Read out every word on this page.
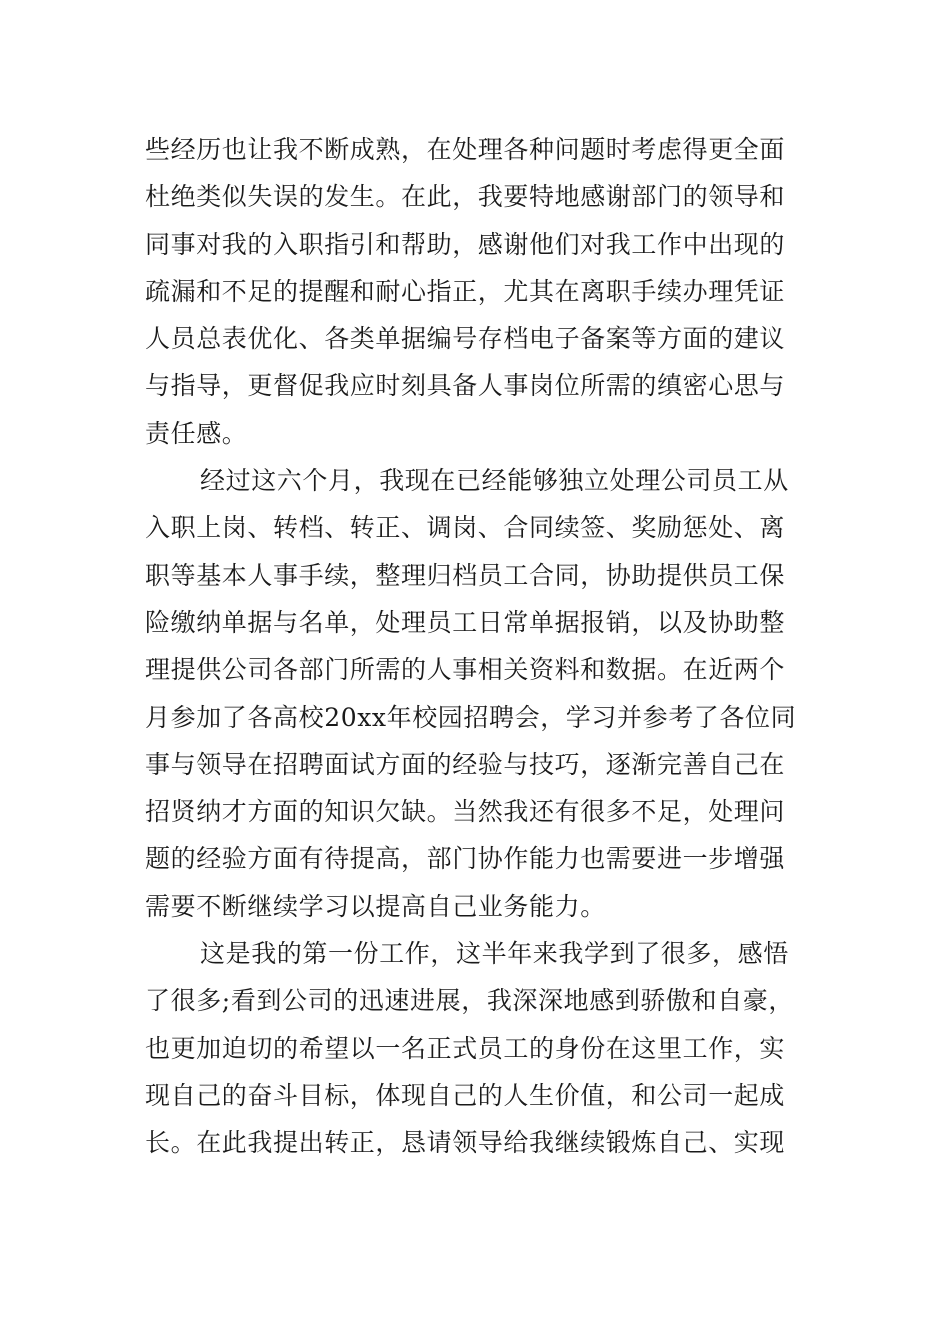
些经历也让我不断成熟，在处理各种问题时考虑得更全面
杜绝类似失误的发生。在此，我要特地感谢部门的领导和
同事对我的入职指引和帮助，感谢他们对我工作中出现的
疏漏和不足的提醒和耐心指正，尤其在离职手续办理凭证
人员总表优化、各类单据编号存档电子备案等方面的建议
与指导，更督促我应时刻具备人事岗位所需的缜密心思与
责任感。
经过这六个月，我现在已经能够独立处理公司员工从
入职上岗、转档、转正、调岗、合同续签、奖励惩处、离
职等基本人事手续，整理归档员工合同，协助提供员工保
险缴纳单据与名单，处理员工日常单据报销，以及协助整
理提供公司各部门所需的人事相关资料和数据。在近两个
月参加了各高校20xx年校园招聘会，学习并参考了各位同
事与领导在招聘面试方面的经验与技巧，逐渐完善自己在
招贤纳才方面的知识欠缺。当然我还有很多不足，处理问
题的经验方面有待提高，部门协作能力也需要进一步增强
需要不断继续学习以提高自己业务能力。
这是我的第一份工作，这半年来我学到了很多，感悟
了很多;看到公司的迅速进展，我深深地感到骄傲和自豪，
也更加迫切的希望以一名正式员工的身份在这里工作，实
现自己的奋斗目标，体现自己的人生价值，和公司一起成
长。在此我提出转正，恳请领导给我继续锻炼自己、实现
